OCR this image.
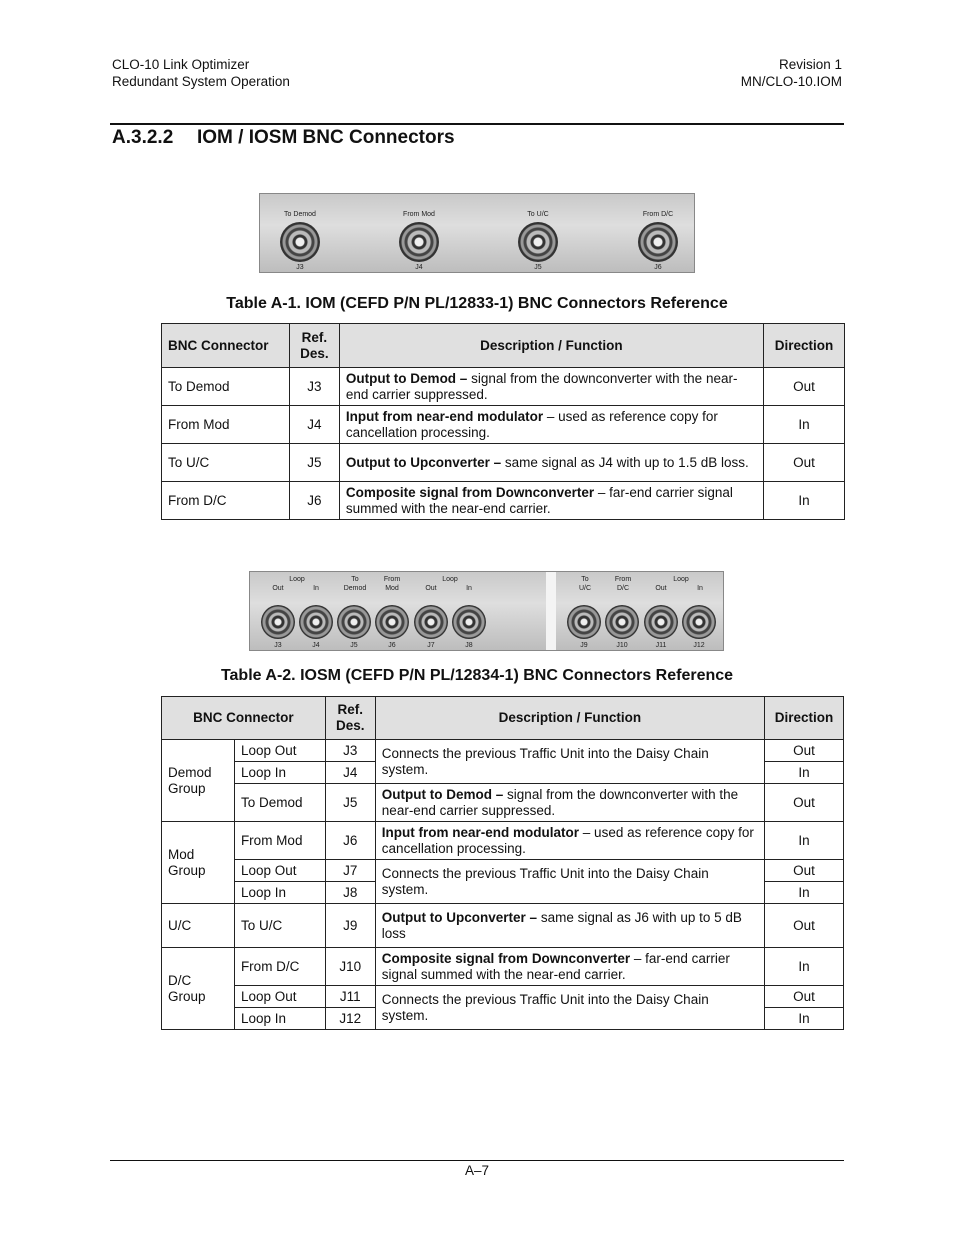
CLO-10 Link Optimizer
Redundant System Operation
Revision 1
MN/CLO-10.IOM
A.3.2.2 IOM / IOSM BNC Connectors
To Demod	From Mod	To U/C	From D/C
J3	J4	J5	J6
Table A-1. IOM (CEFD P/N PL/12833-1) BNC Connectors Reference
BNC Connector	Ref. Des.	Description / Function	Direction
To Demod	J3	Output to Demod – signal from the downconverter with the near-end carrier suppressed.	Out
From Mod	J4	Input from near-end modulator – used as reference copy for cancellation processing.	In
To U/C	J5	Output to Upconverter – same signal as J4 with up to 1.5 dB loss.	Out
From D/C	J6	Composite signal from Downconverter – far-end carrier signal summed with the near-end carrier.	In
Loop	To	From	Loop	To	From	Loop
Demod	Mod	U/C	D/C
Out	In	Out	In	Out	In
J3	J4	J5	J6	J7	J8	J9	J10	J11	J12
Table A-2. IOSM (CEFD P/N PL/12834-1) BNC Connectors Reference
BNC Connector		Ref. Des.	Description / Function	Direction
Demod Group	Loop Out	J3	Connects the previous Traffic Unit into the Daisy Chain system.	Out
	Loop In	J4		In
	To Demod	J5	Output to Demod – signal from the downconverter with the near-end carrier suppressed.	Out
Mod Group	From Mod	J6	Input from near-end modulator – used as reference copy for cancellation processing.	In
	Loop Out	J7	Connects the previous Traffic Unit into the Daisy Chain system.	Out
	Loop In	J8		In
U/C	To U/C	J9	Output to Upconverter – same signal as J6 with up to 5 dB loss	Out
D/C Group	From D/C	J10	Composite signal from Downconverter – far-end carrier signal summed with the near-end carrier.	In
	Loop Out	J11	Connects the previous Traffic Unit into the Daisy Chain system.	Out
	Loop In	J12		In
A–7
